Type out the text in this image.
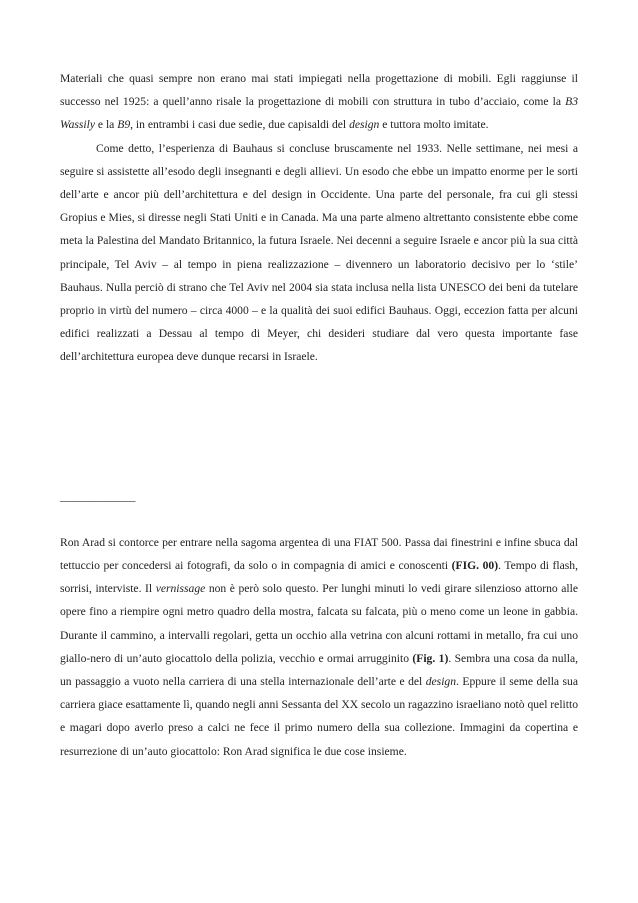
Materiali che quasi sempre non erano mai stati impiegati nella progettazione di mobili. Egli raggiunse il successo nel 1925: a quell’anno risale la progettazione di mobili con struttura in tubo d’acciaio, come la B3 Wassily e la B9, in entrambi i casi due sedie, due capisaldi del design e tuttora molto imitate.

Come detto, l’esperienza di Bauhaus si concluse bruscamente nel 1933. Nelle settimane, nei mesi a seguire si assistette all’esodo degli insegnanti e degli allievi. Un esodo che ebbe un impatto enorme per le sorti dell’arte e ancor più dell’architettura e del design in Occidente. Una parte del personale, fra cui gli stessi Gropius e Mies, si diresse negli Stati Uniti e in Canada. Ma una parte almeno altrettanto consistente ebbe come meta la Palestina del Mandato Britannico, la futura Israele. Nei decenni a seguire Israele e ancor più la sua città principale, Tel Aviv – al tempo in piena realizzazione – divennero un laboratorio decisivo per lo ‘stile’ Bauhaus. Nulla perciò di strano che Tel Aviv nel 2004 sia stata inclusa nella lista UNESCO dei beni da tutelare proprio in virtù del numero – circa 4000 – e la qualità dei suoi edifici Bauhaus. Oggi, eccezion fatta per alcuni edifici realizzati a Dessau al tempo di Meyer, chi desideri studiare dal vero questa importante fase dell’architettura europea deve dunque recarsi in Israele.

_____________

Ron Arad si contorce per entrare nella sagoma argentea di una FIAT 500. Passa dai finestrini e infine sbuca dal tettuccio per concedersi ai fotografi, da solo o in compagnia di amici e conoscenti (FIG. 00). Tempo di flash, sorrisi, interviste. Il vernissage non è però solo questo. Per lunghi minuti lo vedi girare silenzioso attorno alle opere fino a riempire ogni metro quadro della mostra, falcata su falcata, più o meno come un leone in gabbia. Durante il cammino, a intervalli regolari, getta un occhio alla vetrina con alcuni rottami in metallo, fra cui uno giallo-nero di un’auto giocattolo della polizia, vecchio e ormai arrugginito (Fig. 1). Sembra una cosa da nulla, un passaggio a vuoto nella carriera di una stella internazionale dell’arte e del design. Eppure il seme della sua carriera giace esattamente lì, quando negli anni Sessanta del XX secolo un ragazzino israeliano notò quel relitto e magari dopo averlo preso a calci ne fece il primo numero della sua collezione. Immagini da copertina e resurrezione di un’auto giocattolo: Ron Arad significa le due cose insieme.
